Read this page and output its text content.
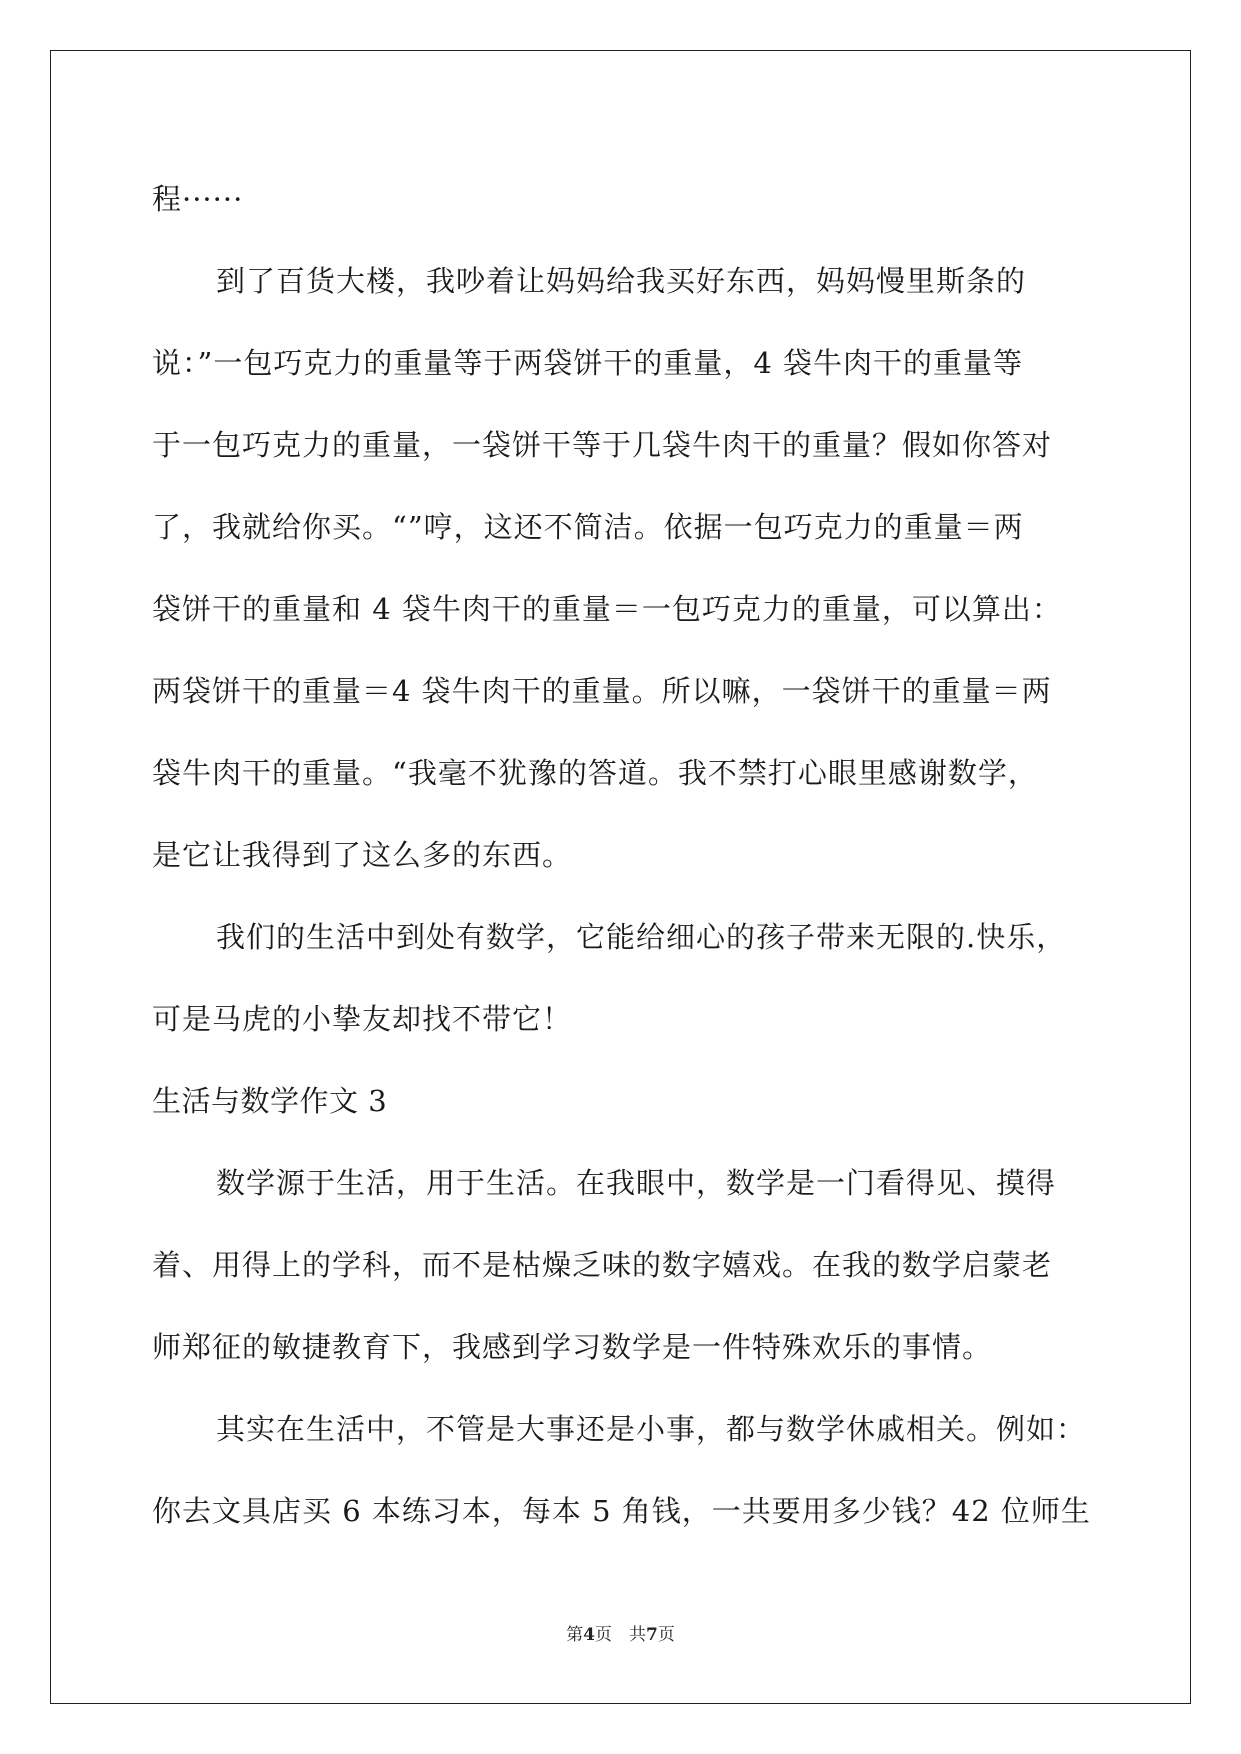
程······
到了百货大楼，我吵着让妈妈给我买好东西，妈妈慢里斯条的
说：”一包巧克力的重量等于两袋饼干的重量，4 袋牛肉干的重量等
于一包巧克力的重量，一袋饼干等于几袋牛肉干的重量？假如你答对
了，我就给你买。“”哼，这还不简洁。依据一包巧克力的重量＝两
袋饼干的重量和 4 袋牛肉干的重量＝一包巧克力的重量，可以算出：
两袋饼干的重量＝4 袋牛肉干的重量。所以嘛，一袋饼干的重量＝两
袋牛肉干的重量。“我毫不犹豫的答道。我不禁打心眼里感谢数学，
是它让我得到了这么多的东西。
我们的生活中到处有数学，它能给细心的孩子带来无限的.快乐，
可是马虎的小挚友却找不带它！
生活与数学作文 3
数学源于生活，用于生活。在我眼中，数学是一门看得见、摸得
着、用得上的学科，而不是枯燥乏味的数字嬉戏。在我的数学启蒙老
师郑征的敏捷教育下，我感到学习数学是一件特殊欢乐的事情。
其实在生活中，不管是大事还是小事，都与数学休戚相关。例如：
你去文具店买 6 本练习本，每本 5 角钱，一共要用多少钱？42 位师生
第4页　共7页
